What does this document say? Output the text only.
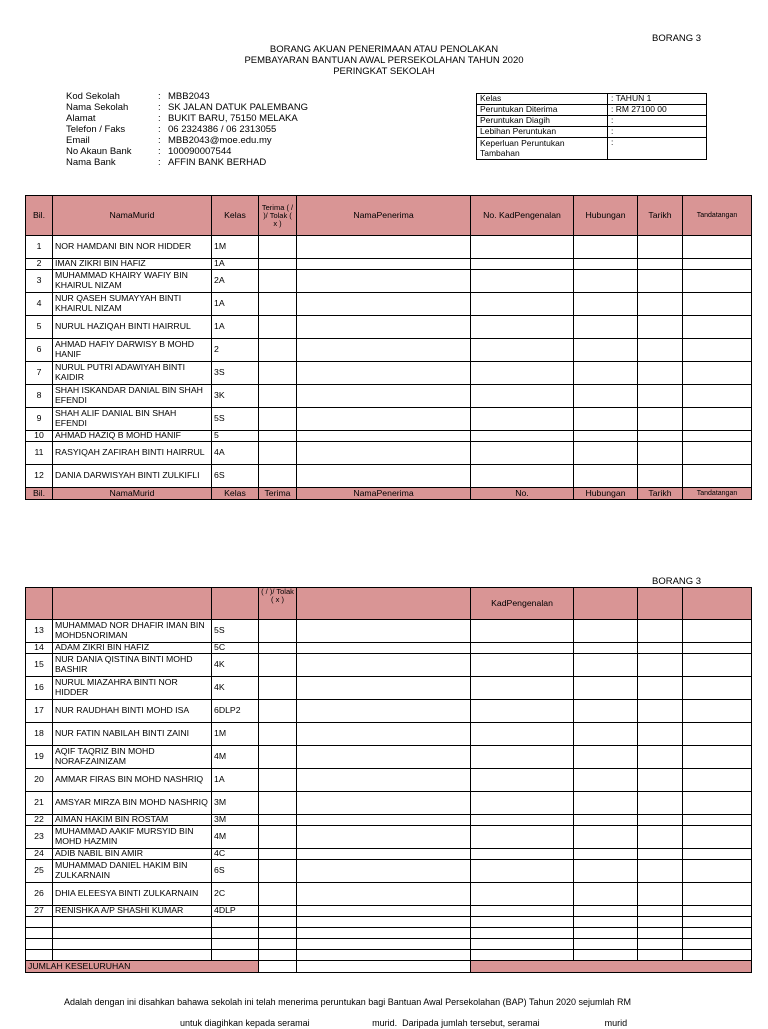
BORANG 3
BORANG AKUAN PENERIMAAN ATAU PENOLAKAN
PEMBAYARAN BANTUAN AWAL PERSEKOLAHAN TAHUN 2020
PERINGKAT SEKOLAH
Kod Sekolah	: MBB2043
Nama Sekolah	: SK JALAN DATUK PALEMBANG
Alamat	: BUKIT BARU, 75150 MELAKA
Telefon / Faks	: 06 2324386 / 06 2313055
Email	: MBB2043@moe.edu.my
No Akaun Bank	: 100090007544
Nama Bank	: AFFIN BANK BERHAD
Kelas	: TAHUN 1
Peruntukan Diterima	: RM 27100 00
Peruntukan Diagih	:
Lebihan Peruntukan	:
Keperluan Peruntukan Tambahan	:
Bil.	NamaMurid	Kelas	Terima ( / )/ Tolak ( x )	NamaPenerima	No. KadPengenalan	Hubungan	Tarikh	Tandatangan
1	NOR HAMDANI BIN NOR HIDDER	1M						
2	IMAN ZIKRI BIN HAFIZ	1A						
3	MUHAMMAD KHAIRY WAFIY BIN KHAIRUL NIZAM	2A						
4	NUR QASEH SUMAYYAH BINTI KHAIRUL NIZAM	1A						
5	NURUL HAZIQAH BINTI HAIRRUL	1A						
6	AHMAD HAFIY DARWISY B MOHD HANIF	2						
7	NURUL PUTRI ADAWIYAH BINTI KAIDIR	3S						
8	SHAH ISKANDAR DANIAL BIN SHAH EFENDI	3K						
9	SHAH ALIF DANIAL BIN SHAH EFENDI	5S						
10	AHMAD HAZIQ B MOHD HANIF	5						
11	RASYIQAH ZAFIRAH BINTI HAIRRUL	4A						
12	DANIA DARWISYAH BINTI ZULKIFLI	6S						
Bil.	NamaMurid	Kelas	Terima	NamaPenerima	No.	Hubungan	Tarikh	Tandatangan
BORANG 3
			( / )/ Tolak ( x )		KadPengenalan			
13	MUHAMMAD NOR DHAFIR IMAN BIN MOHD5NORIMAN	5S						
14	ADAM ZIKRI BIN HAFIZ	5C						
15	NUR DANIA QISTINA BINTI MOHD BASHIR	4K						
16	NURUL MIAZAHRA BINTI NOR HIDDER	4K						
17	NUR RAUDHAH BINTI MOHD ISA	6DLP2						
18	NUR FATIN NABILAH BINTI ZAINI	1M						
19	AQIF TAQRIZ BIN MOHD NORAFZAINIZAM	4M						
20	AMMAR FIRAS BIN MOHD NASHRIQ	1A						
21	AMSYAR MIRZA BIN MOHD NASHRIQ	3M						
22	AIMAN HAKIM BIN ROSTAM	3M						
23	MUHAMMAD AAKIF MURSYID BIN MOHD HAZMIN	4M						
24	ADIB NABIL BIN AMIR	4C						
25	MUHAMMAD DANIEL HAKIM BIN ZULKARNAIN	6S						
26	DHIA ELEESYA BINTI ZULKARNAIN	2C						
27	RENISHKA A/P SHASHI KUMAR	4DLP						

JUMLAH KESELURUHAN								
Adalah dengan ini disahkan bahawa sekolah ini telah menerima peruntukan bagi Bantuan Awal Persekolahan (BAP) Tahun 2020 sejumlah RM
untuk diagihkan kepada seramai                         murid.  Daripada jumlah tersebut, seramai                          murid
